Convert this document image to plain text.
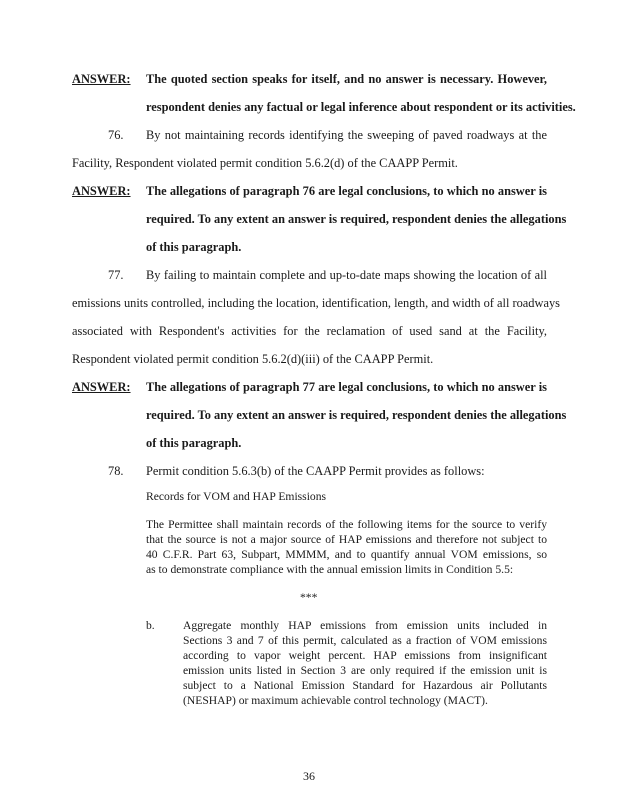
ANSWER: The quoted section speaks for itself, and no answer is necessary. However,
respondent denies any factual or legal inference about respondent or its activities.
76. By not maintaining records identifying the sweeping of paved roadways at the
Facility, Respondent violated permit condition 5.6.2(d) of the CAAPP Permit.
ANSWER: The allegations of paragraph 76 are legal conclusions, to which no answer is
required. To any extent an answer is required, respondent denies the allegations
of this paragraph.
77. By failing to maintain complete and up-to-date maps showing the location of all
emissions units controlled, including the location, identification, length, and width of all roadways
associated with Respondent's activities for the reclamation of used sand at the Facility,
Respondent violated permit condition 5.6.2(d)(iii) of the CAAPP Permit.
ANSWER: The allegations of paragraph 77 are legal conclusions, to which no answer is
required. To any extent an answer is required, respondent denies the allegations
of this paragraph.
78. Permit condition 5.6.3(b) of the CAAPP Permit provides as follows:
Records for VOM and HAP Emissions
The Permittee shall maintain records of the following items for the source to verify
that the source is not a major source of HAP emissions and therefore not subject to
40 C.F.R. Part 63, Subpart, MMMM, and to quantify annual VOM emissions, so
as to demonstrate compliance with the annual emission limits in Condition 5.5:
***
b. Aggregate monthly HAP emissions from emission units included in
Sections 3 and 7 of this permit, calculated as a fraction of VOM emissions
according to vapor weight percent. HAP emissions from insignificant
emission units listed in Section 3 are only required if the emission unit is
subject to a National Emission Standard for Hazardous air Pollutants
(NESHAP) or maximum achievable control technology (MACT).
36
